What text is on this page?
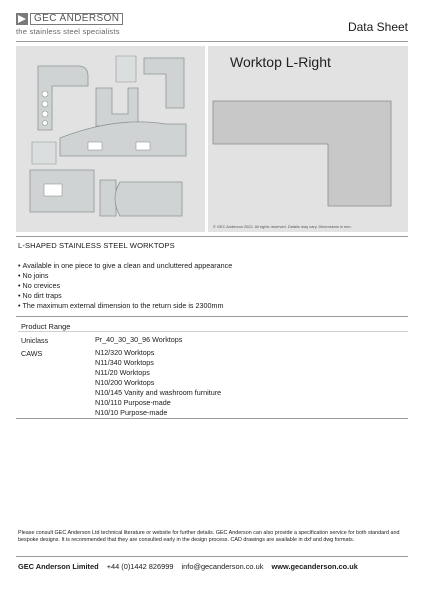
GEC ANDERSON
the stainless steel specialists	Data Sheet
Worktop L-Right
© GEC Anderson 2022. All rights reserved. Details may vary. Dimensions in mm.
L-SHAPED STAINLESS STEEL WORKTOPS
• Available in one piece to give a clean and uncluttered appearance
• No joins
• No crevices
• No dirt traps
• The maximum external dimension to the return side is 2300mm
Product Range
Uniclass	Pr_40_30_30_96 Worktops
CAWS	N12/320 Worktops
N11/340 Worktops
N11/20 Worktops
N10/200 Worktops
N10/145 Vanity and washroom furniture
N10/110 Purpose-made
N10/10 Purpose-made
Please consult GEC Anderson Ltd technical literature or website for further details. GEC Anderson can also provide a specification service for both standard and bespoke designs. It is recommended that they are consulted early in the design process. CAD drawings are available in dxf and dwg formats.
GEC Anderson Limited +44 (0)1442 826999 info@gecanderson.co.uk www.gecanderson.co.uk
